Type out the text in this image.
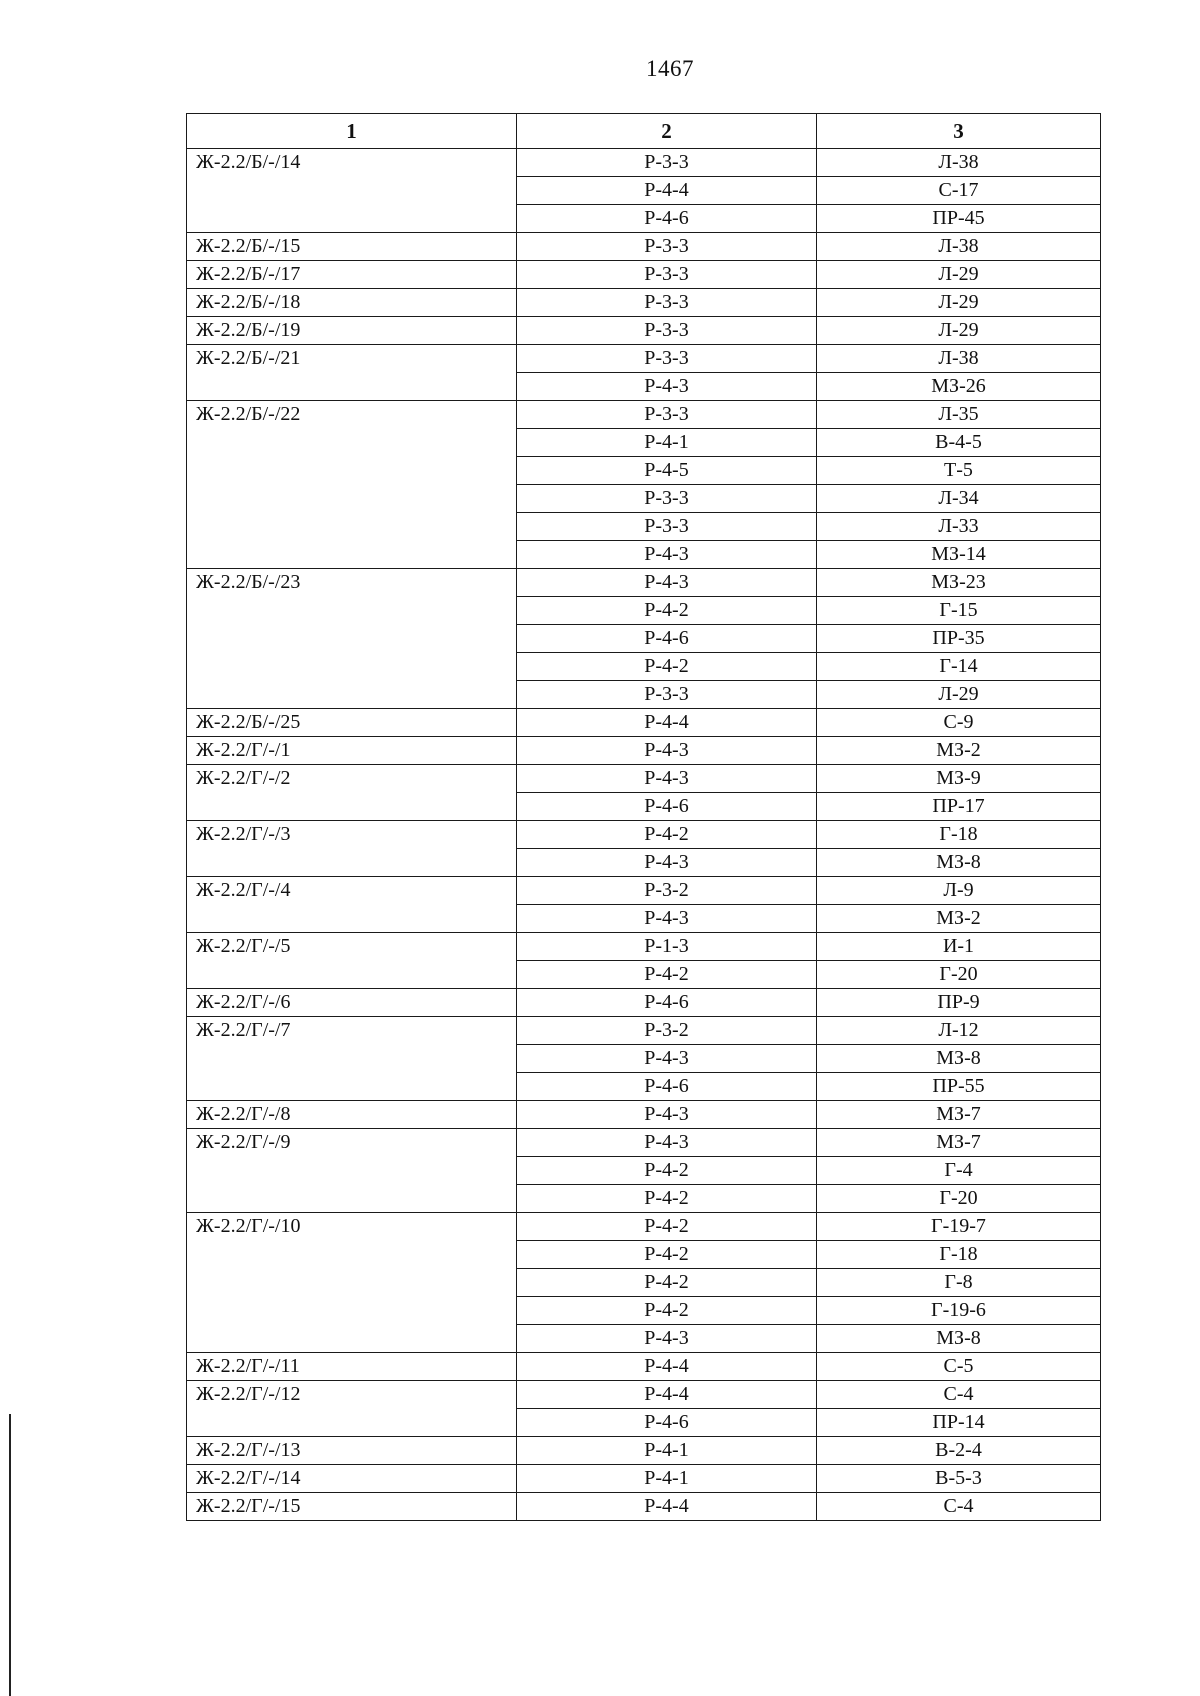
1467
1	2	3
Ж-2.2/Б/-/14	Р-3-3	Л-38
	Р-4-4	С-17
	Р-4-6	ПР-45
Ж-2.2/Б/-/15	Р-3-3	Л-38
Ж-2.2/Б/-/17	Р-3-3	Л-29
Ж-2.2/Б/-/18	Р-3-3	Л-29
Ж-2.2/Б/-/19	Р-3-3	Л-29
Ж-2.2/Б/-/21	Р-3-3	Л-38
	Р-4-3	МЗ-26
Ж-2.2/Б/-/22	Р-3-3	Л-35
	Р-4-1	В-4-5
	Р-4-5	Т-5
	Р-3-3	Л-34
	Р-3-3	Л-33
	Р-4-3	МЗ-14
Ж-2.2/Б/-/23	Р-4-3	МЗ-23
	Р-4-2	Г-15
	Р-4-6	ПР-35
	Р-4-2	Г-14
	Р-3-3	Л-29
Ж-2.2/Б/-/25	Р-4-4	С-9
Ж-2.2/Г/-/1	Р-4-3	МЗ-2
Ж-2.2/Г/-/2	Р-4-3	МЗ-9
	Р-4-6	ПР-17
Ж-2.2/Г/-/3	Р-4-2	Г-18
	Р-4-3	МЗ-8
Ж-2.2/Г/-/4	Р-3-2	Л-9
	Р-4-3	МЗ-2
Ж-2.2/Г/-/5	Р-1-3	И-1
	Р-4-2	Г-20
Ж-2.2/Г/-/6	Р-4-6	ПР-9
Ж-2.2/Г/-/7	Р-3-2	Л-12
	Р-4-3	МЗ-8
	Р-4-6	ПР-55
Ж-2.2/Г/-/8	Р-4-3	МЗ-7
Ж-2.2/Г/-/9	Р-4-3	МЗ-7
	Р-4-2	Г-4
	Р-4-2	Г-20
Ж-2.2/Г/-/10	Р-4-2	Г-19-7
	Р-4-2	Г-18
	Р-4-2	Г-8
	Р-4-2	Г-19-6
	Р-4-3	МЗ-8
Ж-2.2/Г/-/11	Р-4-4	С-5
Ж-2.2/Г/-/12	Р-4-4	С-4
	Р-4-6	ПР-14
Ж-2.2/Г/-/13	Р-4-1	В-2-4
Ж-2.2/Г/-/14	Р-4-1	В-5-3
Ж-2.2/Г/-/15	Р-4-4	С-4
